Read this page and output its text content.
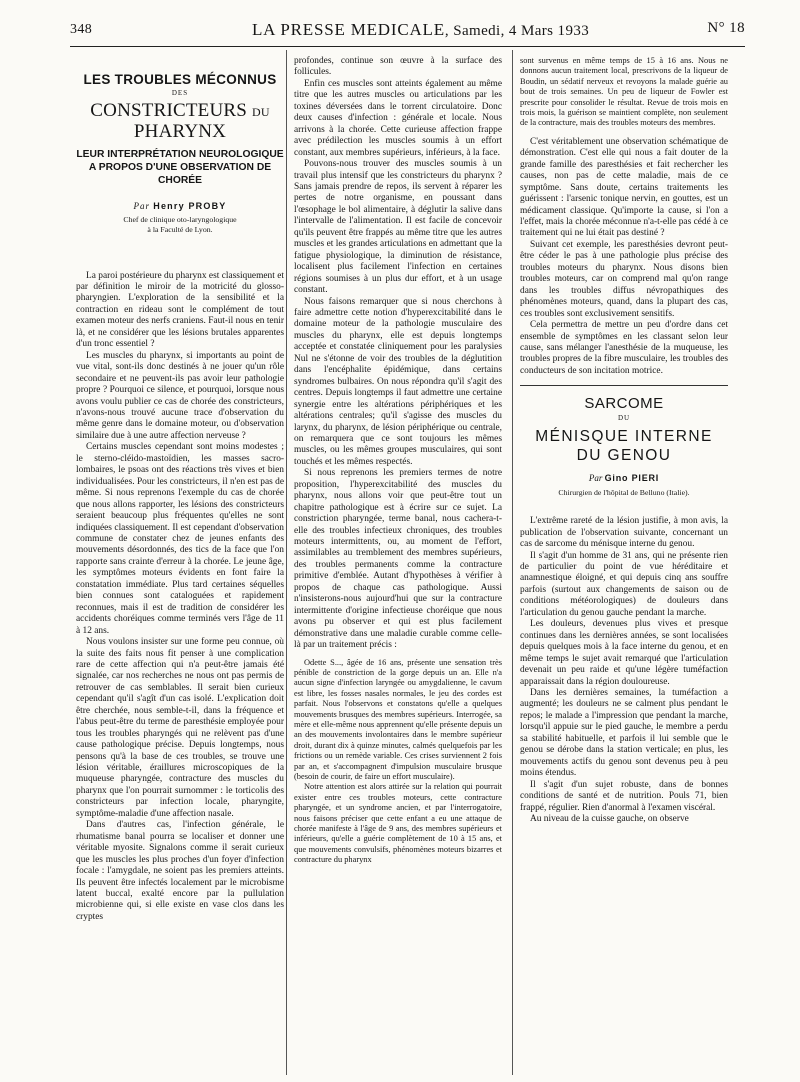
348	LA PRESSE MEDICALE, Samedi, 4 Mars 1933	N° 18
LES TROUBLES MÉCONNUS
DES
CONSTRICTEURS DU PHARYNX
LEUR INTERPRÉTATION NEUROLOGIQUE A PROPOS D'UNE OBSERVATION DE CHORÉE
Par Henry PROBY
Chef de clinique oto-laryngologique
à la Faculté de Lyon.

La paroi postérieure du pharynx est classiquement et par définition le miroir de la motricité du glosso-pharyngien. L'exploration de la sensibilité et la contraction en rideau sont le complément de tout examen moteur des nerfs craniens. Faut-il nous en tenir là, et ne considérer que les lésions brutales apparentes d'un tronc essentiel ?

Les muscles du pharynx, si importants au point de vue vital, sont-ils donc destinés à ne jouer qu'un rôle secondaire et ne peuvent-ils pas avoir leur pathologie propre ? Pourquoi ce silence, et pourquoi, lorsque nous avons voulu publier ce cas de chorée des constricteurs, n'avons-nous trouvé aucune trace d'observation du même genre dans le domaine moteur, ou d'observation similaire due à une autre affection nerveuse ?

Certains muscles cependant sont moins modestes ; le sterno-cléido-mastoïdien, les masses sacro-lombaires, le psoas ont des réactions très vives et bien individualisées. Pour les constricteurs, il n'en est pas de même. Si nous reprenons l'exemple du cas de chorée que nous allons rapporter, les lésions des constricteurs seraient beaucoup plus fréquentes qu'elles ne sont indiquées classiquement. Il est cependant d'observation commune de constater chez de jeunes enfants des mouvements désordonnés, des tics de la face que l'on rapporte sans crainte d'erreur à la chorée. Le jeune âge, les symptômes moteurs évidents en font faire la constatation immédiate. Plus tard certaines séquelles bien connues sont cataloguées et rapidement reconnues, mais il est de tradition de considérer les accidents choréiques comme terminés vers l'âge de 11 à 12 ans.

Nous voulons insister sur une forme peu connue, où la suite des faits nous fit penser à une complication rare de cette affection qui n'a peut-être jamais été signalée, car nos recherches ne nous ont pas permis de retrouver de cas semblables. Il serait bien curieux cependant qu'il s'agît d'un cas isolé. L'explication doit être cherchée, nous semble-t-il, dans la fréquence et l'abus peut-être du terme de paresthésie employée pour tous les troubles pharyngés qui ne relèvent pas d'une cause pathologique précise. Depuis longtemps, nous pensons qu'à la base de ces troubles, se trouve une lésion véritable, éraillures microscopiques de la muqueuse pharyngée, contracture des muscles du pharynx que l'on pourrait surnommer : le torticolis des constricteurs par infection locale, pharyngite, symptôme-maladie d'une affection nasale.

Dans d'autres cas, l'infection générale, le rhumatisme banal pourra se localiser et donner une véritable myosite. Signalons comme il serait curieux que les muscles les plus proches d'un foyer d'infection focale : l'amygdale, ne soient pas les premiers atteints. Ils peuvent être infectés localement par le microbisme latent buccal, exalté encore par la pullulation microbienne qui, si elle existe en vase clos dans les cryptes

profondes, continue son œuvre à la surface des follicules.

Enfin ces muscles sont atteints également au même titre que les autres muscles ou articulations par les toxines déversées dans le torrent circulatoire. Donc deux causes d'infection : générale et locale. Nous arrivons à la chorée. Cette curieuse affection frappe avec prédilection les muscles soumis à un effort constant, aux membres supérieurs, inférieurs, à la face.

Pouvons-nous trouver des muscles soumis à un travail plus intensif que les constricteurs du pharynx ? Sans jamais prendre de repos, ils servent à réparer les pertes de notre organisme, en poussant dans l'œsophage le bol alimentaire, à déglutir la salive dans l'intervalle de l'alimentation. Il est facile de concevoir qu'ils peuvent être frappés au même titre que les autres muscles et les grandes articulations en admettant que la fatigue physiologique, la diminution de résistance, localisent plus facilement l'infection en certaines régions soumises à un plus dur effort, et à un usage constant.

Nous faisons remarquer que si nous cherchons à faire admettre cette notion d'hyperexcitabilité dans le domaine moteur de la pathologie musculaire des muscles du pharynx, elle est depuis longtemps acceptée et constatée cliniquement pour les paralysies Nul ne s'étonne de voir des troubles de la déglutition dans l'encéphalite épidémique, dans certains syndromes bulbaires. On nous répondra qu'il s'agit des centres. Depuis longtemps il faut admettre une certaine synergie entre les altérations périphériques et les altérations centrales; qu'il s'agisse des muscles du larynx, du pharynx, de lésion périphérique ou centrale, on remarquera que ce sont toujours les mêmes muscles, ou les mêmes groupes musculaires, qui sont touchés et les mêmes respectés.

Si nous reprenons les premiers termes de notre proposition, l'hyperexcitabilité des muscles du pharynx, nous allons voir que peut-être tout un chapitre pathologique est à écrire sur ce sujet. La constriction pharyngée, terme banal, nous cachera-t-elle des troubles infectieux chroniques, des troubles moteurs intermittents, ou, au moment de l'effort, assimilables au tremblement des membres supérieurs, des troubles permanents comme la contracture primitive d'emblée. Autant d'hypothèses à vérifier à propos de chaque cas pathologique. Aussi n'insisterons-nous aujourd'hui que sur la contracture intermittente d'origine infectieuse choréique que nous avons pu observer et qui est plus facilement démonstrative dans une maladie curable comme celle-là par un traitement précis :

Odette S..., âgée de 16 ans, présente une sensation très pénible de constriction de la gorge depuis un an. Elle n'a aucun signe d'infection laryngée ou amygdalienne, le cavum est libre, les fosses nasales normales, le jeu des cordes est parfait. Nous l'observons et constatons qu'elle a quelques mouvements brusques des membres supérieurs. Interrogée, sa mère et elle-même nous apprennent qu'elle présente depuis un an des mouvements involontaires dans le membre supérieur droit, durant dix à quinze minutes, calmés quelquefois par les frictions ou un remède variable. Ces crises surviennent 2 fois par an, et s'accompagnent d'impulsion musculaire brusque (besoin de courir, de faire un effort musculaire).

Notre attention est alors attirée sur la relation qui pourrait exister entre ces troubles moteurs, cette contracture pharyngée, et un syndrome ancien, et par l'interrogatoire, nous faisons préciser que cette enfant a eu une attaque de chorée manifeste à l'âge de 9 ans, des membres supérieurs et inférieurs, qu'elle a guérie complètement de 10 à 15 ans, et que mouvements convulsifs, phénomènes moteurs bizarres et contracture du pharynx

sont survenus en même temps de 15 à 16 ans. Nous ne donnons aucun traitement local, prescrivons de la liqueur de Boudin, un sédatif nerveux et revoyons la malade guérie au bout de trois semaines. Un peu de liqueur de Fowler est prescrite pour consolider le résultat. Revue de trois mois en trois mois, la guérison se maintient complète, non seulement de la contracture, mais des troubles moteurs des membres.

C'est véritablement une observation schématique de démonstration. C'est elle qui nous a fait douter de la grande famille des paresthésies et fait rechercher les causes, non pas de cette maladie, mais de ce symptôme. Sans doute, certains traitements les guérissent : l'arsenic tonique nervin, en gouttes, est un médicament classique. Qu'importe la cause, si l'on a l'effet, mais la chorée méconnue n'a-t-elle pas cédé à ce traitement qui ne lui était pas destiné ?

Suivant cet exemple, les paresthésies devront peut-être céder le pas à une pathologie plus précise des troubles moteurs du pharynx. Nous disons bien troubles moteurs, car on comprend mal qu'on range dans les troubles diffus névropathiques des phénomènes moteurs, quand, dans la plupart des cas, ces troubles sont exclusivement sensitifs.

Cela permettra de mettre un peu d'ordre dans cet ensemble de symptômes en les classant selon leur cause, sans mélanger l'anesthésie de la muqueuse, les troubles propres de la fibre musculaire, les troubles des conducteurs de son incitation motrice.

SARCOME
DU
MÉNISQUE INTERNE
DU GENOU
Par Gino PIERI
Chirurgien de l'hôpital de Belluno (Italie).

L'extrême rareté de la lésion justifie, à mon avis, la publication de l'observation suivante, concernant un cas de sarcome du ménisque interne du genou.

Il s'agit d'un homme de 31 ans, qui ne présente rien de particulier du point de vue héréditaire et anamnestique éloigné, et qui depuis cinq ans souffre parfois (surtout aux changements de saison ou de conditions météorologiques) de douleurs dans l'articulation du genou gauche pendant la marche.

Les douleurs, devenues plus vives et presque continues dans les dernières années, se sont localisées depuis quelques mois à la face interne du genou, et en même temps le sujet avait remarqué que l'articulation devenait un peu raide et qu'une légère tuméfaction apparaissait dans la région douloureuse.

Dans les dernières semaines, la tuméfaction a augmenté; les douleurs ne se calment plus pendant le repos; le malade a l'impression que pendant la marche, lorsqu'il appuie sur le pied gauche, le membre a perdu sa stabilité habituelle, et parfois il lui semble que le genou se dérobe dans la station verticale; en plus, les mouvements actifs du genou sont devenus peu à peu moins étendus.

Il s'agit d'un sujet robuste, dans de bonnes conditions de santé et de nutrition. Pouls 71, bien frappé, régulier. Rien d'anormal à l'examen viscéral.

Au niveau de la cuisse gauche, on observe
